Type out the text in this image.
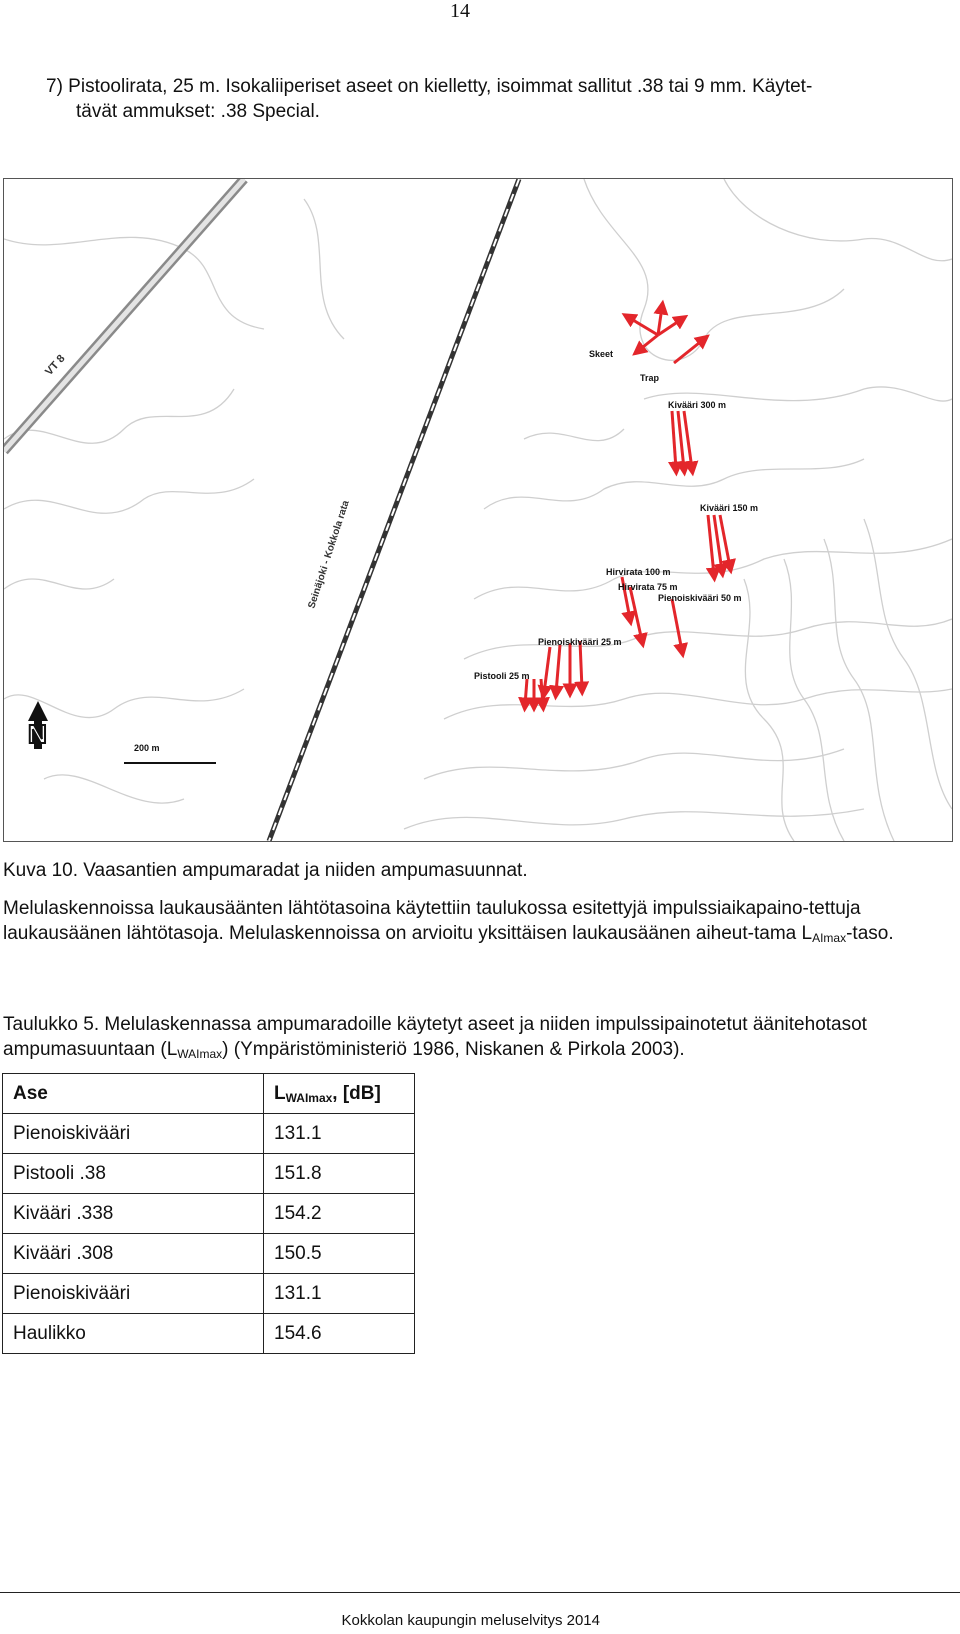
14
7) Pistoolirata, 25 m. Isokaliiperiset aseet on kielletty, isoimmat sallitut .38 tai 9 mm. Käytet-
tävät ammukset: .38 Special.
VT 8
Seinäjoki - Kokkola rata
N	200 m
Skeet
Trap
Kivääri 300 m
Kivääri 150 m
Hirvirata 100 m
Hirvirata 75 m
Pienoiskivääri 50 m
Pienoiskivääri 25 m
Pistooli 25 m
Kuva 10. Vaasantien ampumaradat ja niiden ampumasuunnat.
Melulaskennoissa laukausäänten lähtötasoina käytettiin taulukossa esitettyjä impulssiaikapaino-tettuja laukausäänen lähtötasoja. Melulaskennoissa on arvioitu yksittäisen laukausäänen aiheut-tama $L_{AImax}$-taso.
Taulukko 5. Melulaskennassa ampumaradoille käytetyt aseet ja niiden impulssipainotetut äänitehotasot ampumasuuntaan $(L_{WAImax})$ (Ympäristöministeriö 1986, Niskanen & Pirkola 2003).
Ase	$L_{WAImax}$, [dB]
Pienoiskivääri	131.1
Pistooli .38	151.8
Kivääri .338	154.2
Kivääri .308	150.5
Pienoiskivääri	131.1
Haulikko	154.6
Kokkolan kaupungin meluselvitys 2014
